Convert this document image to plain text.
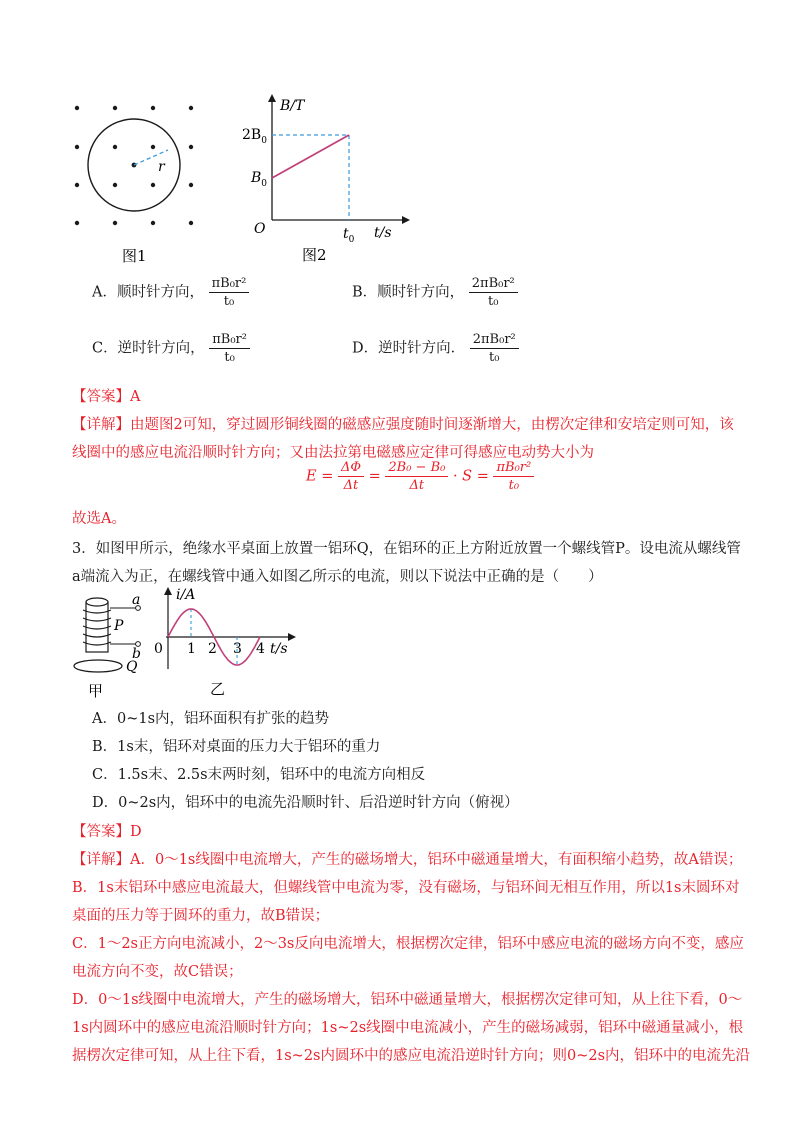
r
图1
B/T
$2B_0$
$B_0$
O	$t_0$ t/s
图2
A．顺时针方向， $\frac{\text{πB₀r²}}{\text{t₀}}$	B．顺时针方向， $\frac{\text{2πB₀r²}}{\text{t₀}}$
C．逆时针方向， $\frac{\text{πB₀r²}}{\text{t₀}}$	D．逆时针方向． $\frac{\text{2πB₀r²}}{\text{t₀}}$
【答案】A
【详解】由题图2可知，穿过圆形铜线圈的磁感应强度随时间逐渐增大，由楞次定律和安培定则可知，该
线圈中的感应电流沿顺时针方向；又由法拉第电磁感应定律可得感应电动势大小为
$E = \frac{\Delta\Phi}{\Delta t} = \frac{\text{2B₀ − B₀}}{\Delta t} \cdot S = \frac{\text{πB₀r²}}{\text{t₀}}$
故选A。
3．如图甲所示，绝缘水平桌面上放置一铝环Q，在铝环的正上方附近放置一个螺线管P。设电流从螺线管
a端流入为正，在螺线管中通入如图乙所示的电流，则以下说法中正确的是（　　）
a
P
b
Q
甲
i/A
0 1 2 3 4 t/s
乙
A．0~1s内，铝环面积有扩张的趋势
B．1s末，铝环对桌面的压力大于铝环的重力
C．1.5s末、2.5s末两时刻，铝环中的电流方向相反
D．0~2s内，铝环中的电流先沿顺时针、后沿逆时针方向（俯视）
【答案】D
【详解】A．0～1s线圈中电流增大，产生的磁场增大，铝环中磁通量增大，有面积缩小趋势，故A错误；
B．1s末铝环中感应电流最大，但螺线管中电流为零，没有磁场，与铝环间无相互作用，所以1s末圆环对
桌面的压力等于圆环的重力，故B错误；
C．1～2s正方向电流减小，2～3s反向电流增大，根据楞次定律，铝环中感应电流的磁场方向不变，感应
电流方向不变，故C错误；
D．0～1s线圈中电流增大，产生的磁场增大，铝环中磁通量增大，根据楞次定律可知，从上往下看，0～
1s内圆环中的感应电流沿顺时针方向；1s~2s线圈中电流减小，产生的磁场减弱，铝环中磁通量减小，根
据楞次定律可知，从上往下看，1s~2s内圆环中的感应电流沿逆时针方向；则0~2s内，铝环中的电流先沿
